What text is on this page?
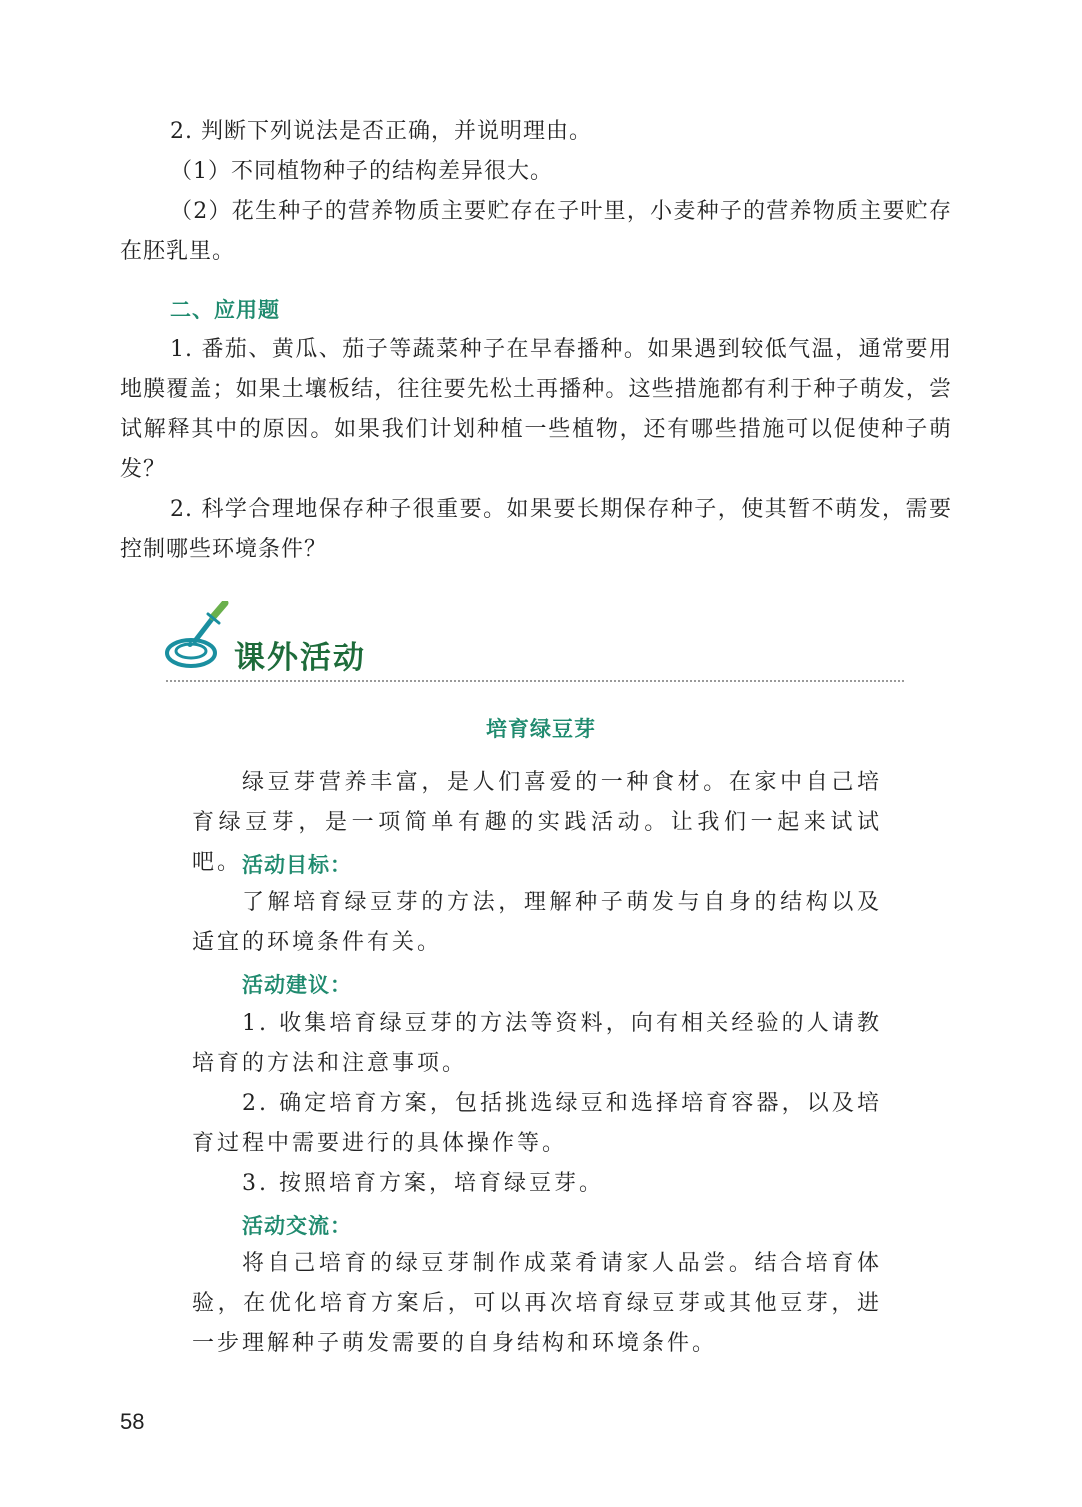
2. 判断下列说法是否正确，并说明理由。
（1）不同植物种子的结构差异很大。
（2）花生种子的营养物质主要贮存在子叶里，小麦种子的营养物质主要贮存在胚乳里。
二、应用题
1. 番茄、黄瓜、茄子等蔬菜种子在早春播种。如果遇到较低气温，通常要用地膜覆盖；如果土壤板结，往往要先松土再播种。这些措施都有利于种子萌发，尝试解释其中的原因。如果我们计划种植一些植物，还有哪些措施可以促使种子萌发？
2. 科学合理地保存种子很重要。如果要长期保存种子，使其暂不萌发，需要控制哪些环境条件？
课外活动
培育绿豆芽
绿豆芽营养丰富，是人们喜爱的一种食材。在家中自己培育绿豆芽，是一项简单有趣的实践活动。让我们一起来试试吧。 活动目标：
了解培育绿豆芽的方法，理解种子萌发与自身的结构以及适宜的环境条件有关。
活动建议：
1. 收集培育绿豆芽的方法等资料，向有相关经验的人请教培育的方法和注意事项。
2. 确定培育方案，包括挑选绿豆和选择培育容器，以及培育过程中需要进行的具体操作等。
3. 按照培育方案，培育绿豆芽。
活动交流：
将自己培育的绿豆芽制作成菜肴请家人品尝。结合培育体验，在优化培育方案后，可以再次培育绿豆芽或其他豆芽，进一步理解种子萌发需要的自身结构和环境条件。
58
